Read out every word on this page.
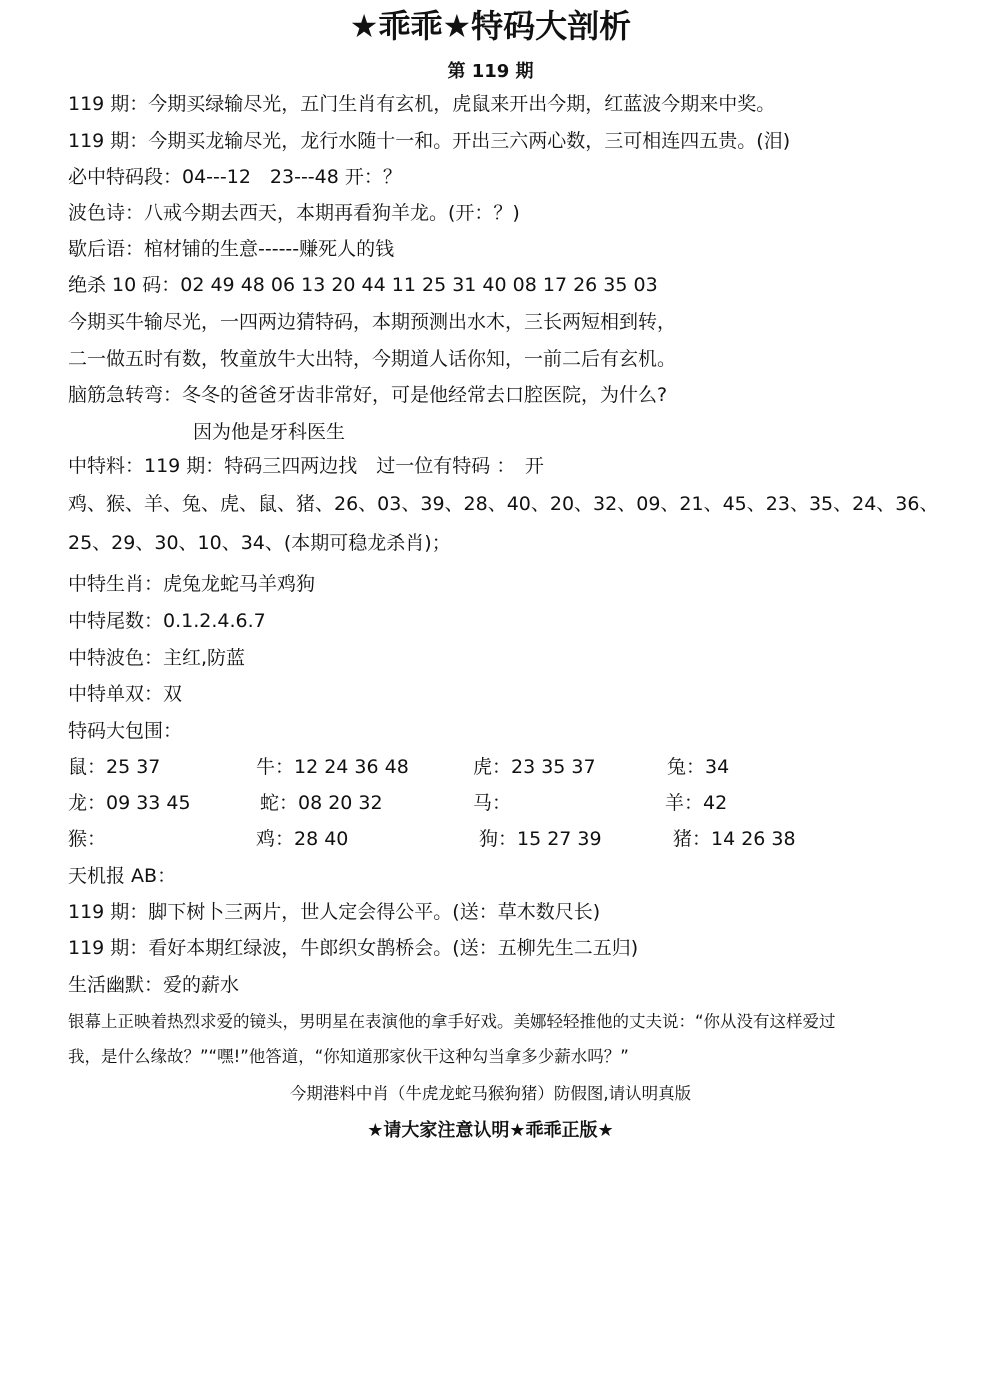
★乖乖★特码大剖析
第 119 期
119 期：今期买绿输尽光，五门生肖有玄机，虎鼠来开出今期，红蓝波今期来中奖。
119 期：今期买龙输尽光，龙行水随十一和。开出三六两心数，三可相连四五贵。(泪)
必中特码段：04---12　23---48 开：？
波色诗：八戒今期去西天，本期再看狗羊龙。(开：？)
歇后语：棺材铺的生意------赚死人的钱
绝杀 10 码：02 49 48 06 13 20 44 11 25 31 40 08 17 26 35 03
今期买牛输尽光，一四两边猜特码，本期预测出水木，三长两短相到转，
二一做五时有数，牧童放牛大出特，今期道人话你知，一前二后有玄机。
脑筋急转弯：冬冬的爸爸牙齿非常好，可是他经常去口腔医院，为什么?
因为他是牙科医生
中特料：119 期：特码三四两边找　过一位有特码 ：　开
鸡、猴、羊、兔、虎、鼠、猪、26、03、39、28、40、20、32、09、21、45、23、35、24、36、
25、29、30、10、34、(本期可稳龙杀肖)；
中特生肖：虎兔龙蛇马羊鸡狗
中特尾数：0.1.2.4.6.7
中特波色：主红,防蓝
中特单双：双
特码大包围：
鼠：25 37	牛：12 24 36 48	虎：23 35 37	兔：34
龙：09 33 45	蛇：08 20 32	马：	羊：42
猴：	鸡：28 40	狗：15 27 39	猪：14 26 38
天机报 AB：
119 期：脚下树卜三两片，世人定会得公平。(送：草木数尺长)
119 期：看好本期红绿波，牛郎织女鹊桥会。(送：五柳先生二五归)
生活幽默：爱的薪水
银幕上正映着热烈求爱的镜头，男明星在表演他的拿手好戏。美娜轻轻推他的丈夫说：“你从没有这样爱过
我，是什么缘故？”“嘿!”他答道，“你知道那家伙干这种勾当拿多少薪水吗？”
今期港料中肖（牛虎龙蛇马猴狗猪）防假图,请认明真版
★请大家注意认明★乖乖正版★
